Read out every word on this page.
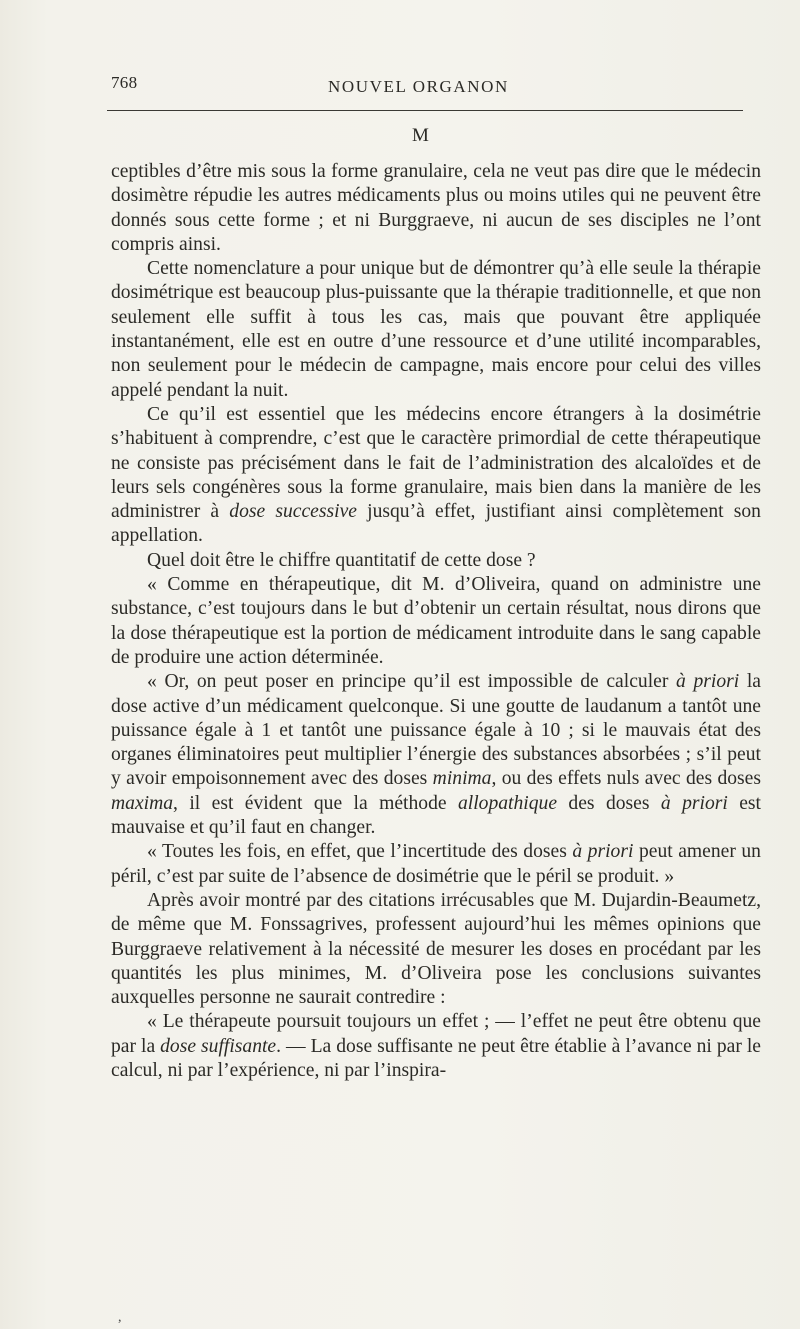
768	NOUVEL ORGANON
M

ceptibles d’être mis sous la forme granulaire, cela ne veut pas dire que le médecin dosimètre répudie les autres médicaments plus ou moins utiles qui ne peuvent être donnés sous cette forme ; et ni Burggraeve, ni aucun de ses disciples ne l’ont compris ainsi.

Cette nomenclature a pour unique but de démontrer qu’à elle seule la thérapie dosimétrique est beaucoup plus-puissante que la thérapie traditionnelle, et que non seulement elle suffit à tous les cas, mais que pouvant être appliquée instantanément, elle est en outre d’une ressource et d’une utilité incomparables, non seulement pour le médecin de campagne, mais encore pour celui des villes appelé pendant la nuit.

Ce qu’il est essentiel que les médecins encore étrangers à la dosimétrie s’habituent à comprendre, c’est que le caractère primordial de cette thérapeutique ne consiste pas précisément dans le fait de l’administration des alcaloïdes et de leurs sels congénères sous la forme granulaire, mais bien dans la manière de les administrer à dose successive jusqu’à effet, justifiant ainsi complètement son appellation.

Quel doit être le chiffre quantitatif de cette dose ?

« Comme en thérapeutique, dit M. d’Oliveira, quand on administre une substance, c’est toujours dans le but d’obtenir un certain résultat, nous dirons que la dose thérapeutique est la portion de médicament introduite dans le sang capable de produire une action déterminée.

« Or, on peut poser en principe qu’il est impossible de calculer à priori la dose active d’un médicament quelconque. Si une goutte de laudanum a tantôt une puissance égale à 1 et tantôt une puissance égale à 10 ; si le mauvais état des organes éliminatoires peut multiplier l’énergie des substances absorbées ; s’il peut y avoir empoisonnement avec des doses minima, ou des effets nuls avec des doses maxima, il est évident que la méthode allopathique des doses à priori est mauvaise et qu’il faut en changer.

« Toutes les fois, en effet, que l’incertitude des doses à priori peut amener un péril, c’est par suite de l’absence de dosimétrie que le péril se produit. »

Après avoir montré par des citations irrécusables que M. Dujardin-Beaumetz, de même que M. Fonssagrives, professent aujourd’hui les mêmes opinions que Burggraeve relativement à la nécessité de mesurer les doses en procédant par les quantités les plus minimes, M. d’Oliveira pose les conclusions suivantes auxquelles personne ne saurait contredire :

« Le thérapeute poursuit toujours un effet ; — l’effet ne peut être obtenu que par la dose suffisante. — La dose suffisante ne peut être établie à l’avance ni par le calcul, ni par l’expérience, ni par l’inspira-

,
